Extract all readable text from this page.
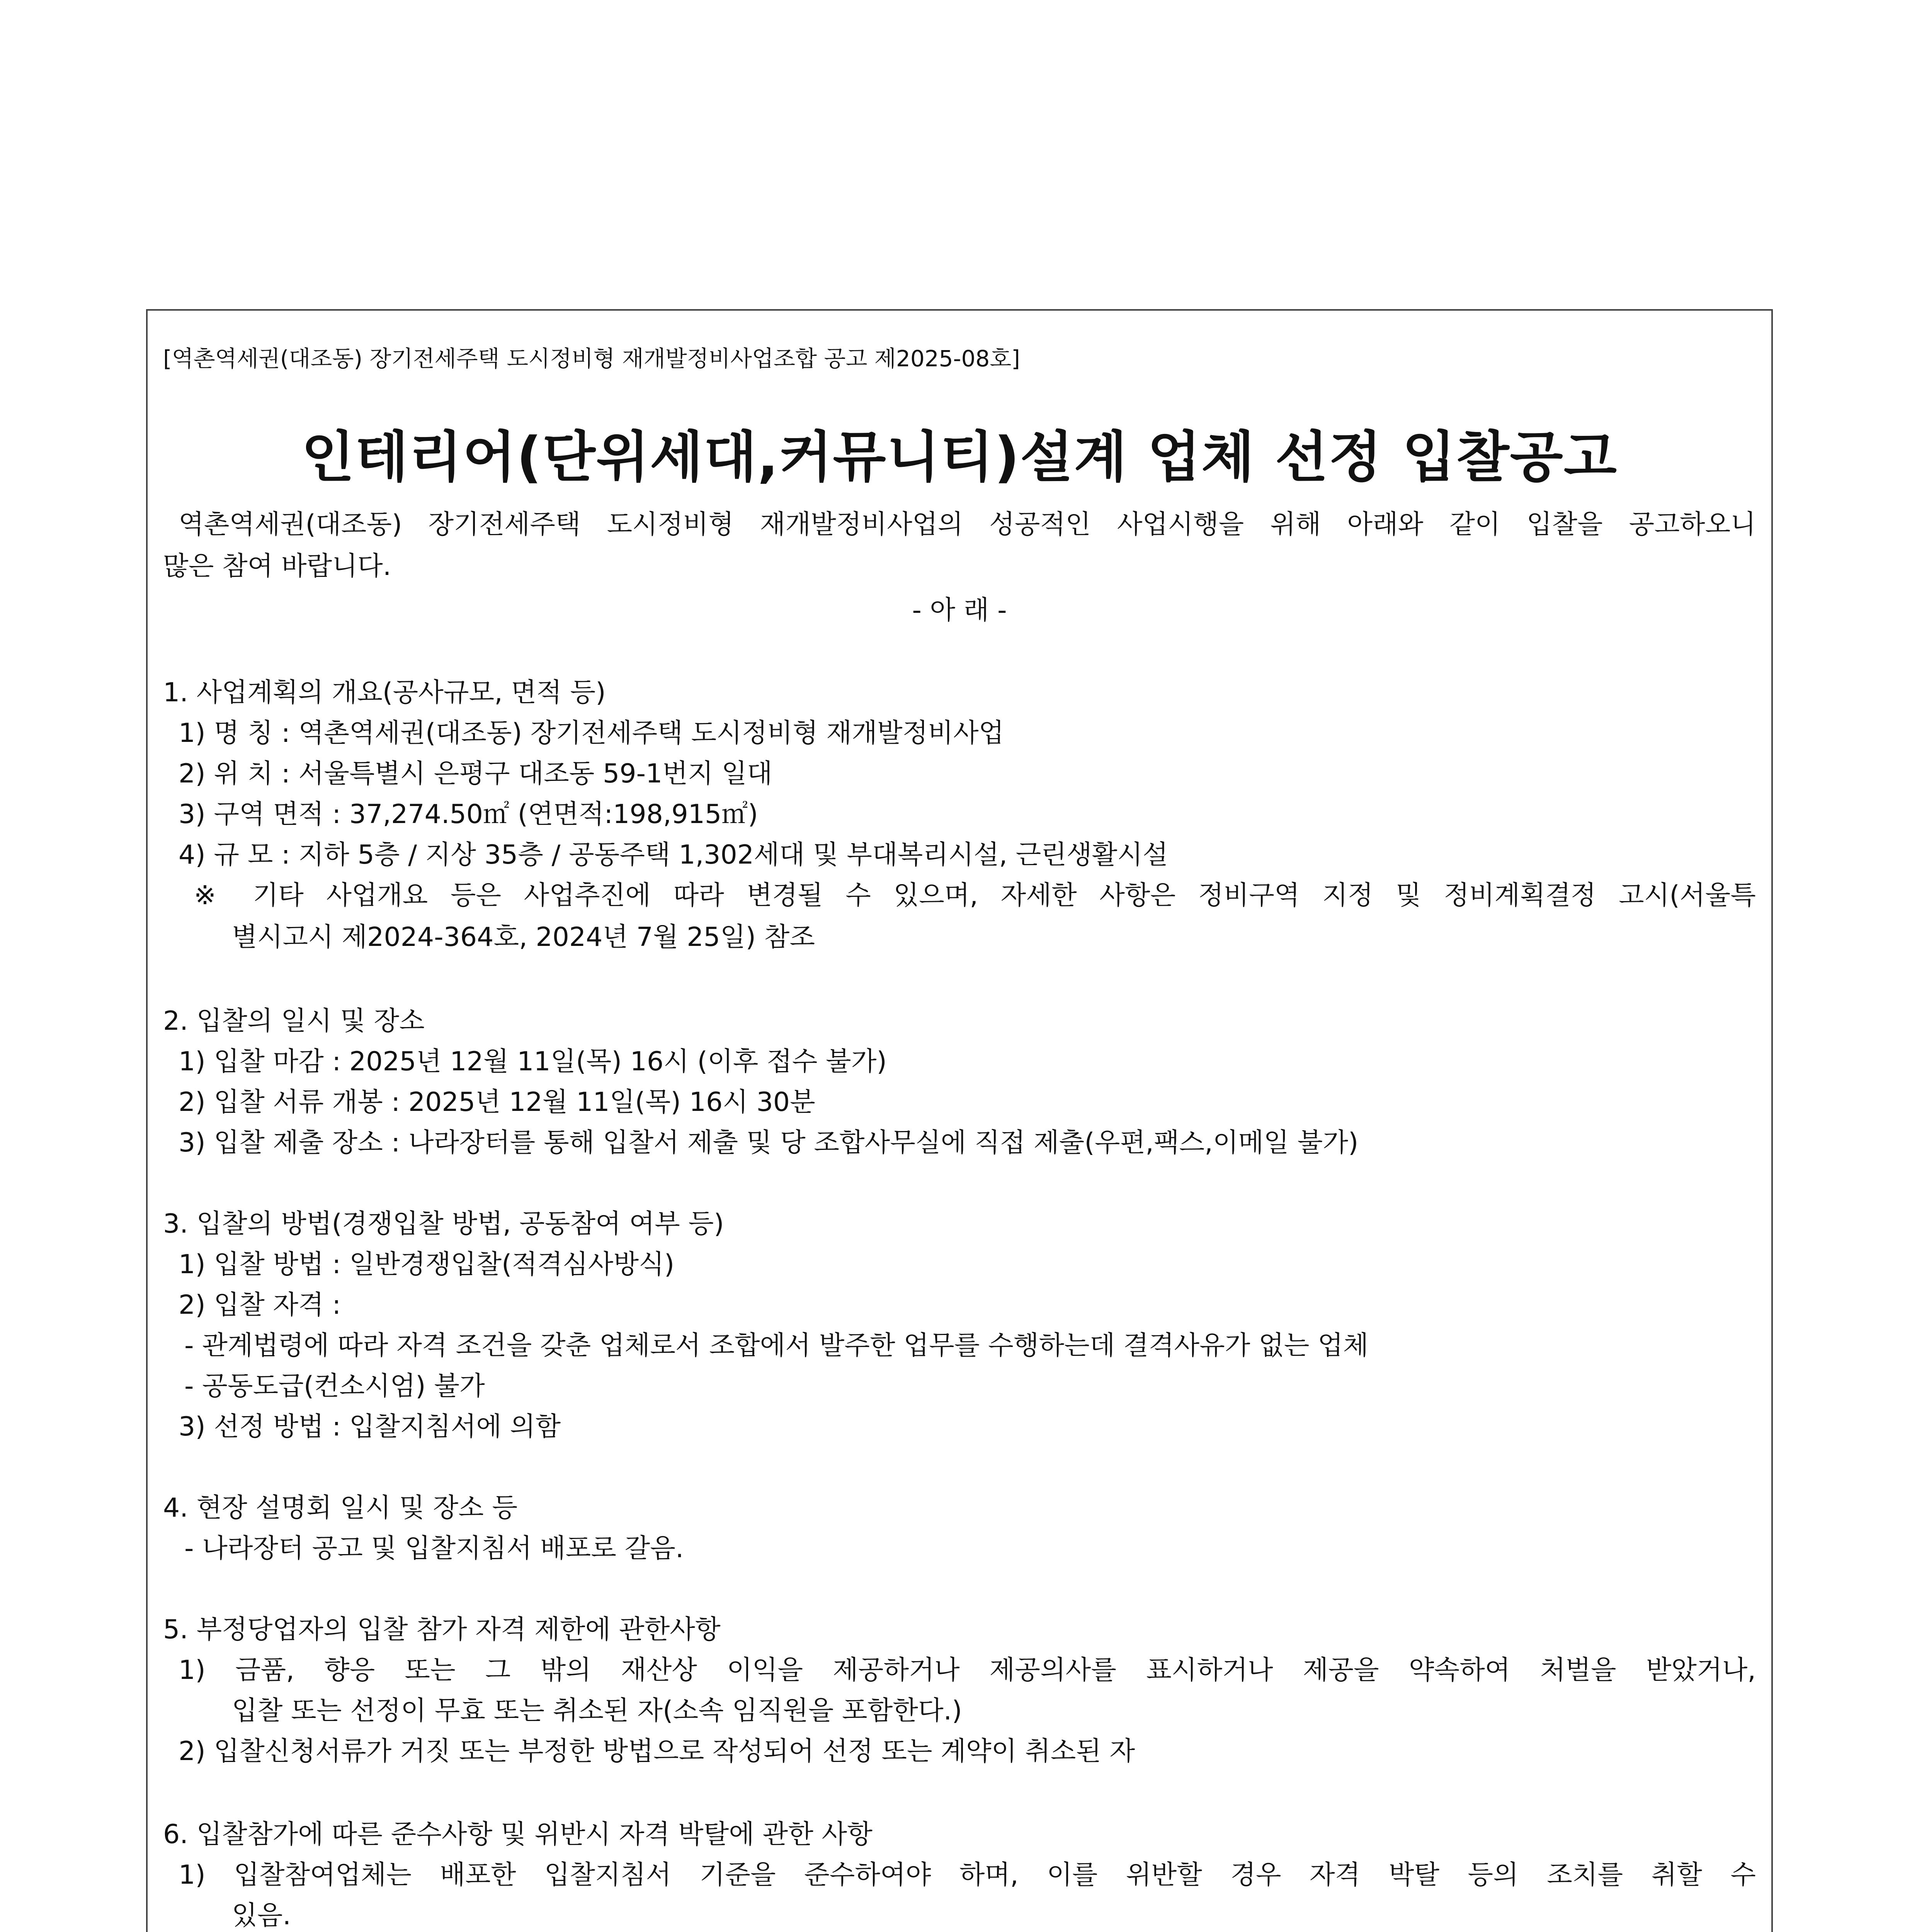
[역촌역세권(대조동) 장기전세주택 도시정비형 재개발정비사업조합 공고 제2025-08호]
인테리어(단위세대,커뮤니티)설계 업체 선정 입찰공고
역촌역세권(대조동) 장기전세주택 도시정비형 재개발정비사업의 성공적인 사업시행을 위해 아래와 같이 입찰을 공고하오니
많은 참여 바랍니다.
- 아 래 -
1. 사업계획의 개요(공사규모, 면적 등)
1) 명 칭 : 역촌역세권(대조동) 장기전세주택 도시정비형 재개발정비사업
2) 위 치 : 서울특별시 은평구 대조동 59-1번지 일대
3) 구역 면적 : 37,274.50㎡ (연면적:198,915㎡)
4) 규 모 : 지하 5층 / 지상 35층 / 공동주택 1,302세대 및 부대복리시설, 근린생활시설
※ 기타 사업개요 등은 사업추진에 따라 변경될 수 있으며, 자세한 사항은 정비구역 지정 및 정비계획결정 고시(서울특
별시고시 제2024-364호, 2024년 7월 25일) 참조
2. 입찰의 일시 및 장소
1) 입찰 마감 : 2025년 12월 11일(목) 16시 (이후 접수 불가)
2) 입찰 서류 개봉 : 2025년 12월 11일(목) 16시 30분
3) 입찰 제출 장소 : 나라장터를 통해 입찰서 제출 및 당 조합사무실에 직접 제출(우편,팩스,이메일 불가)
3. 입찰의 방법(경쟁입찰 방법, 공동참여 여부 등)
1) 입찰 방법 : 일반경쟁입찰(적격심사방식)
2) 입찰 자격 :
- 관계법령에 따라 자격 조건을 갖춘 업체로서 조합에서 발주한 업무를 수행하는데 결격사유가 없는 업체
- 공동도급(컨소시엄) 불가
3) 선정 방법 : 입찰지침서에 의함
4. 현장 설명회 일시 및 장소 등
- 나라장터 공고 및 입찰지침서 배포로 갈음.
5. 부정당업자의 입찰 참가 자격 제한에 관한사항
1) 금품, 향응 또는 그 밖의 재산상 이익을 제공하거나 제공의사를 표시하거나 제공을 약속하여 처벌을 받았거나,
입찰 또는 선정이 무효 또는 취소된 자(소속 임직원을 포함한다.)
2) 입찰신청서류가 거짓 또는 부정한 방법으로 작성되어 선정 또는 계약이 취소된 자
6. 입찰참가에 따른 준수사항 및 위반시 자격 박탈에 관한 사항
1) 입찰참여업체는 배포한 입찰지침서 기준을 준수하여야 하며, 이를 위반할 경우 자격 박탈 등의 조치를 취할 수
있음.
